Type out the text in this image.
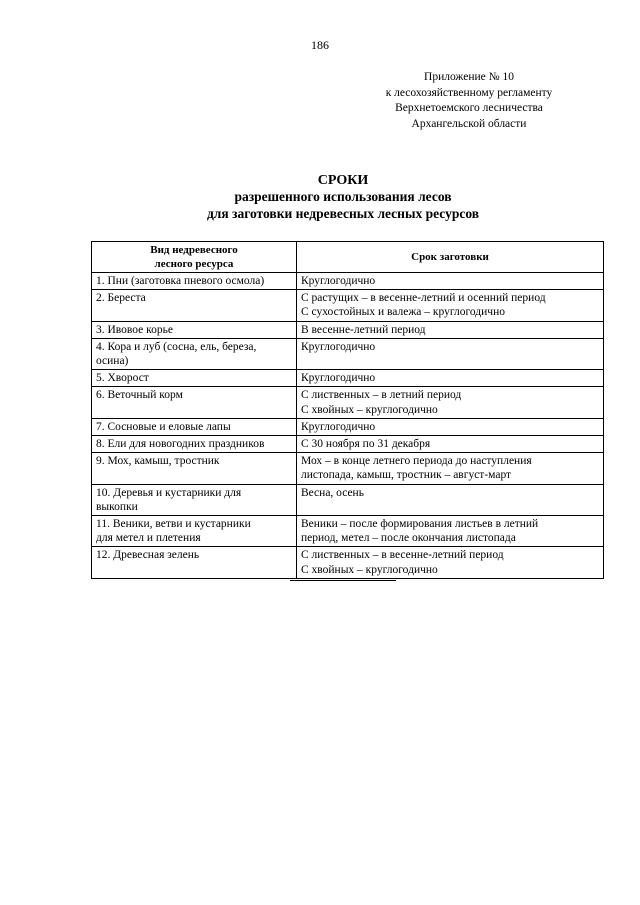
186
Приложение № 10
к лесохозяйственному регламенту
Верхнетоемского лесничества
Архангельской области
СРОКИ
разрешенного использования лесов
для заготовки недревесных лесных ресурсов
Вид недревесного
лесного ресурса	Срок заготовки

1. Пни (заготовка пневого осмола)	Круглогодично

2. Береста	С растущих – в весенне-летний и осенний период
С сухостойных и валежа – круглогодично

3. Ивовое корье	В весенне-летний период

4. Кора и луб (сосна, ель, береза,
осина)	Круглогодично

5. Хворост	Круглогодично

6. Веточный корм	С лиственных – в летний период
С хвойных – круглогодично

7. Сосновые и еловые лапы	Круглогодично

8. Ели для новогодних праздников	С 30 ноября по 31 декабря

9. Мох, камыш, тростник	Мох – в конце летнего периода до наступления
листопада, камыш, тростник – август-март

10. Деревья и кустарники для
выкопки	Весна, осень

11. Веники, ветви и кустарники
для метел и плетения	Веники – после формирования листьев в летний
период, метел – после окончания листопада

12. Древесная зелень	С лиственных – в весенне-летний период
С хвойных – круглогодично
